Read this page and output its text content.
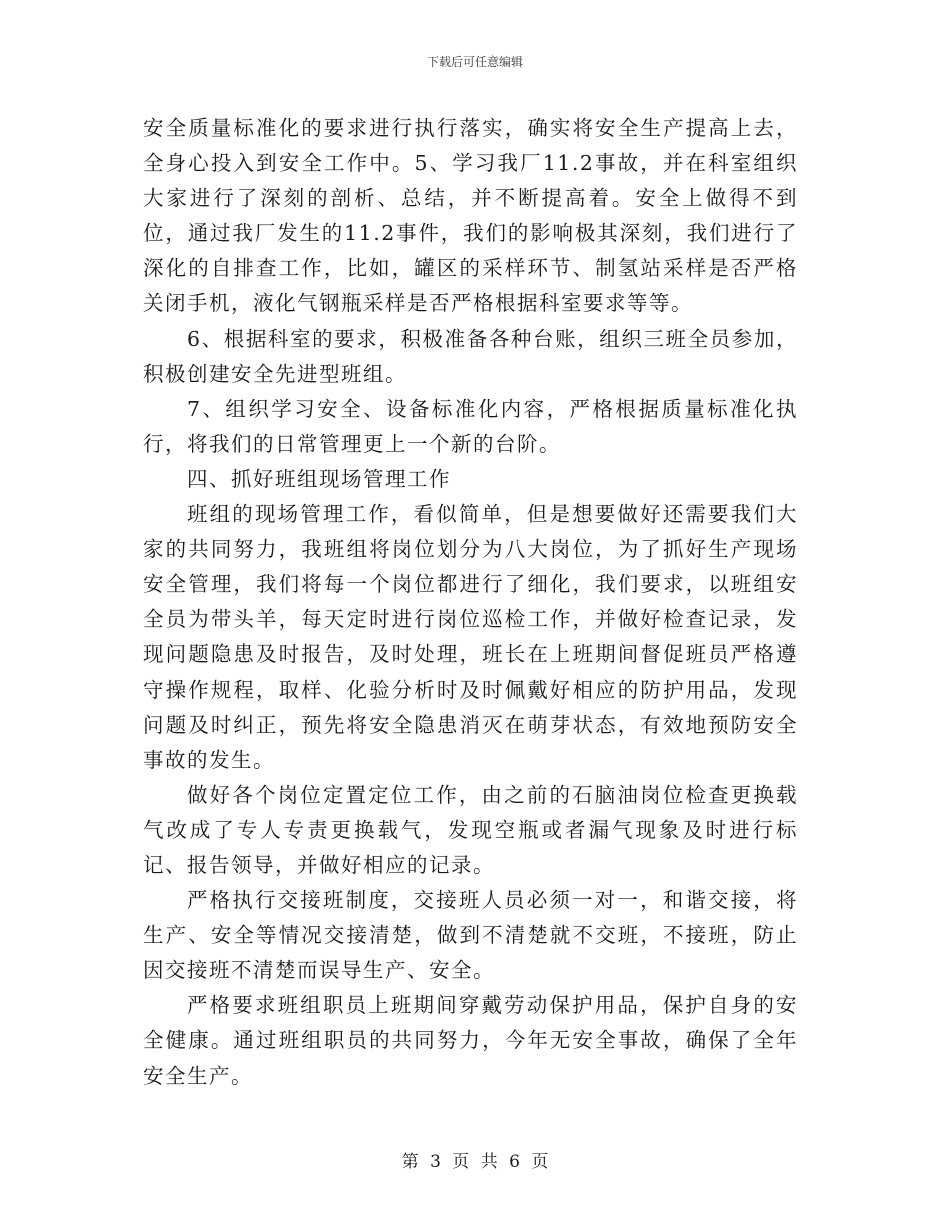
下载后可任意编辑

安全质量标准化的要求进行执行落实，确实将安全生产提高上去，全身心投入到安全工作中。5、学习我厂11.2事故，并在科室组织大家进行了深刻的剖析、总结，并不断提高着。安全上做得不到位，通过我厂发生的11.2事件，我们的影响极其深刻，我们进行了深化的自排查工作，比如，罐区的采样环节、制氢站采样是否严格关闭手机，液化气钢瓶采样是否严格根据科室要求等等。

6、根据科室的要求，积极准备各种台账，组织三班全员参加，积极创建安全先进型班组。

7、组织学习安全、设备标准化内容，严格根据质量标准化执行，将我们的日常管理更上一个新的台阶。

四、抓好班组现场管理工作

班组的现场管理工作，看似简单，但是想要做好还需要我们大家的共同努力，我班组将岗位划分为八大岗位，为了抓好生产现场安全管理，我们将每一个岗位都进行了细化，我们要求，以班组安全员为带头羊，每天定时进行岗位巡检工作，并做好检查记录，发现问题隐患及时报告，及时处理，班长在上班期间督促班员严格遵守操作规程，取样、化验分析时及时佩戴好相应的防护用品，发现问题及时纠正，预先将安全隐患消灭在萌芽状态，有效地预防安全事故的发生。

做好各个岗位定置定位工作，由之前的石脑油岗位检查更换载气改成了专人专责更换载气，发现空瓶或者漏气现象及时进行标记、报告领导，并做好相应的记录。

严格执行交接班制度，交接班人员必须一对一，和谐交接，将生产、安全等情况交接清楚，做到不清楚就不交班，不接班，防止因交接班不清楚而误导生产、安全。

严格要求班组职员上班期间穿戴劳动保护用品，保护自身的安全健康。通过班组职员的共同努力，今年无安全事故，确保了全年安全生产。

第 3 页 共 6 页
